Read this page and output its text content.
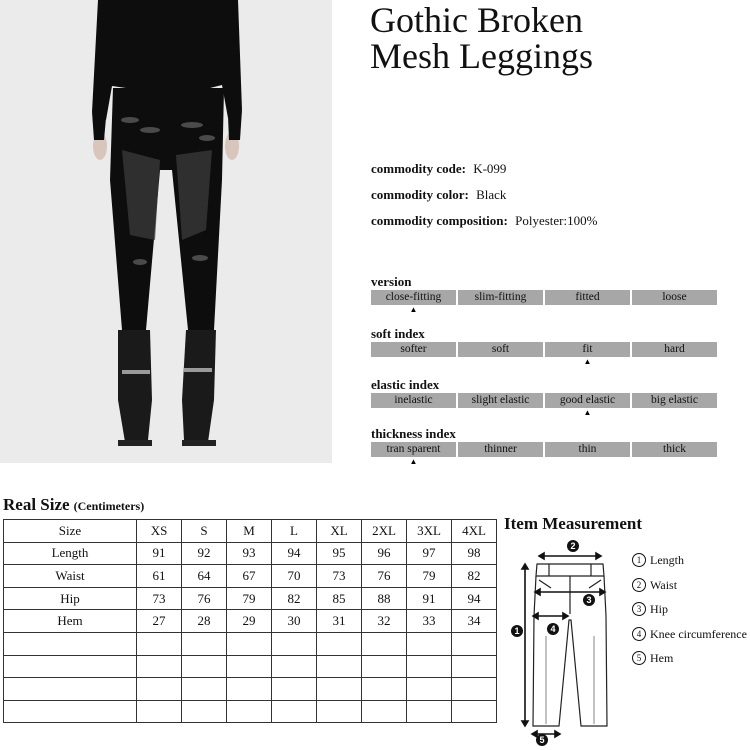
Gothic Broken
Mesh Leggings
commodity code: K-099
commodity color: Black
commodity composition: Polyester:100%
version
close-fitting	slim-fitting	fitted	loose
▲
soft index
softer	soft	fit	hard
▲
elastic index
inelastic	slight elastic	good elastic	big elastic
▲
thickness index
tran sparent	thinner	thin	thick
▲
Real Size (Centimeters)
Size	XS	S	M	L	XL	2XL	3XL	4XL
Length	91	92	93	94	95	96	97	98
Waist	61	64	67	70	73	76	79	82
Hip	73	76	79	82	85	88	91	94
Hem	27	28	29	30	31	32	33	34

Item Measurement
2
3
1	4
5
1 Length
2 Waist
3 Hip
4 Knee circumference
5 Hem
